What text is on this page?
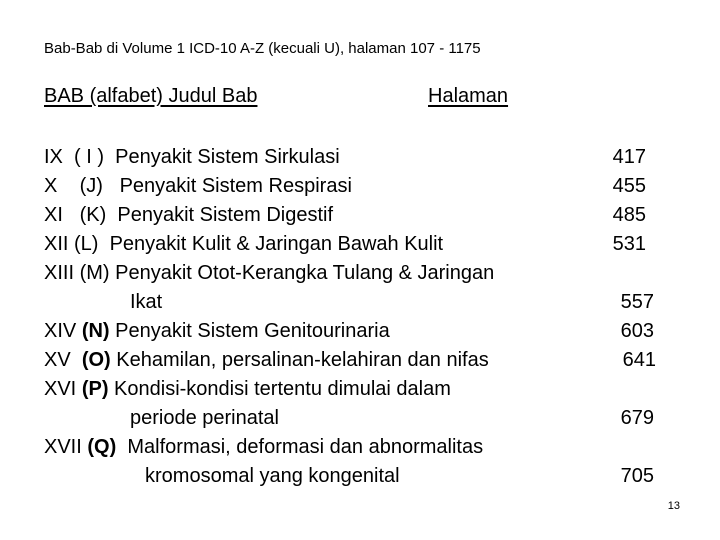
Bab-Bab di Volume 1 ICD-10 A-Z (kecuali U), halaman 107 - 1175
BAB (alfabet) Judul Bab	Halaman
IX ( I ) Penyakit Sistem Sirkulasi	417
X (J) Penyakit Sistem Respirasi	455
XI (K) Penyakit Sistem Digestif	485
XII (L) Penyakit Kulit & Jaringan Bawah Kulit	531
XIII (M) Penyakit Otot-Kerangka Tulang & Jaringan
Ikat	557
XIV (N) Penyakit Sistem Genitourinaria	603
XV (O) Kehamilan, persalinan-kelahiran dan nifas	641
XVI (P) Kondisi-kondisi tertentu dimulai dalam
periode perinatal	679
XVII (Q) Malformasi, deformasi dan abnormalitas
kromosomal yang kongenital	705
13
